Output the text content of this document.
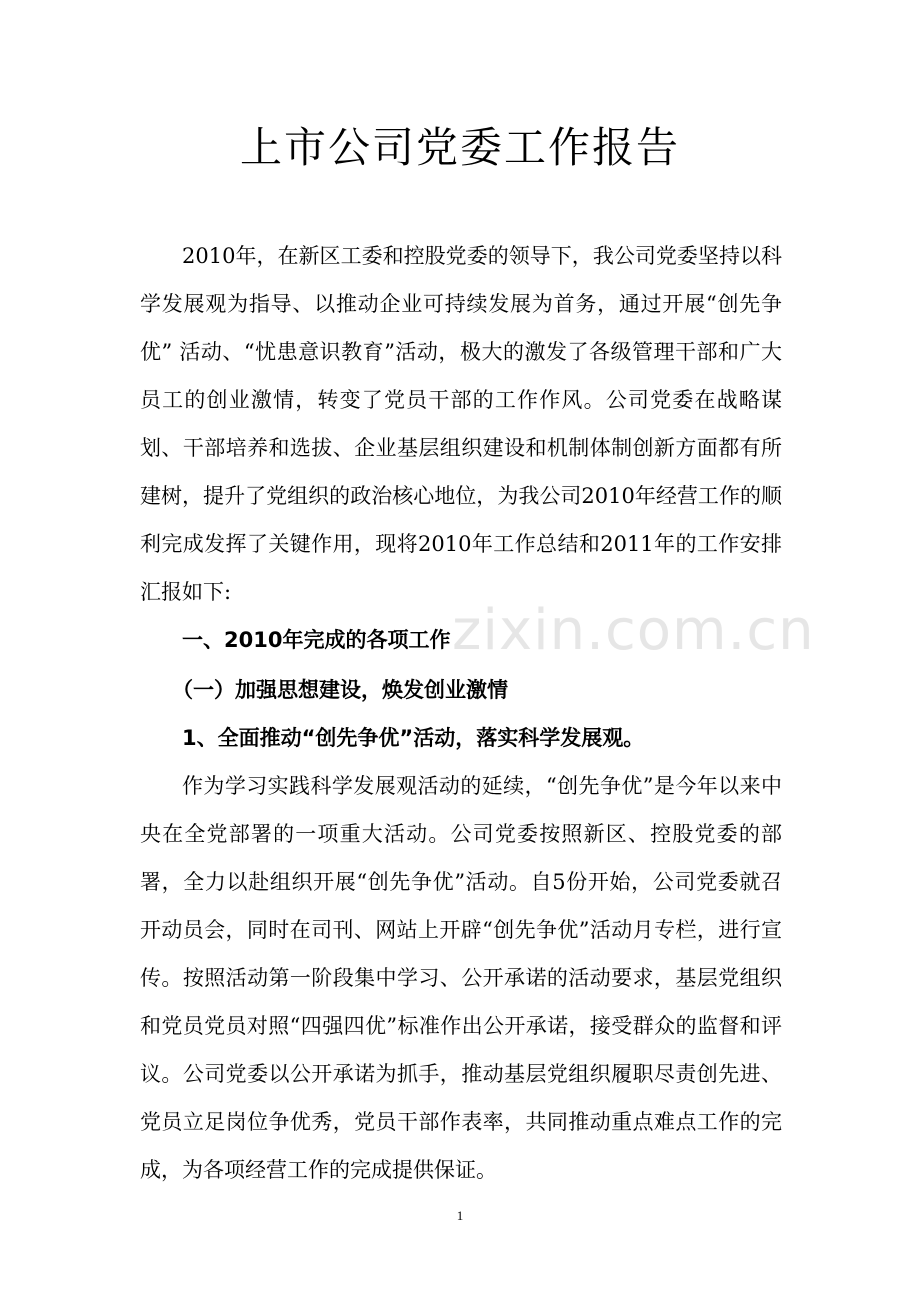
上市公司党委工作报告

2010年，在新区工委和控股党委的领导下，我公司党委坚持以科学发展观为指导、以推动企业可持续发展为首务，通过开展“创先争优” 活动、“忧患意识教育”活动，极大的激发了各级管理干部和广大员工的创业激情，转变了党员干部的工作作风。公司党委在战略谋划、干部培养和选拔、企业基层组织建设和机制体制创新方面都有所建树，提升了党组织的政治核心地位，为我公司2010年经营工作的顺利完成发挥了关键作用，现将2010年工作总结和2011年的工作安排汇报如下:

zixin.com.cn

一、2010年完成的各项工作

（一）加强思想建设，焕发创业激情

1、全面推动“创先争优”活动，落实科学发展观。

作为学习实践科学发展观活动的延续，“创先争优”是今年以来中央在全党部署的一项重大活动。公司党委按照新区、控股党委的部署，全力以赴组织开展“创先争优”活动。自5份开始，公司党委就召开动员会，同时在司刊、网站上开辟“创先争优”活动月专栏，进行宣传。按照活动第一阶段集中学习、公开承诺的活动要求，基层党组织和党员党员对照“四强四优”标准作出公开承诺，接受群众的监督和评议。公司党委以公开承诺为抓手，推动基层党组织履职尽责创先进、党员立足岗位争优秀，党员干部作表率，共同推动重点难点工作的完成，为各项经营工作的完成提供保证。

1
